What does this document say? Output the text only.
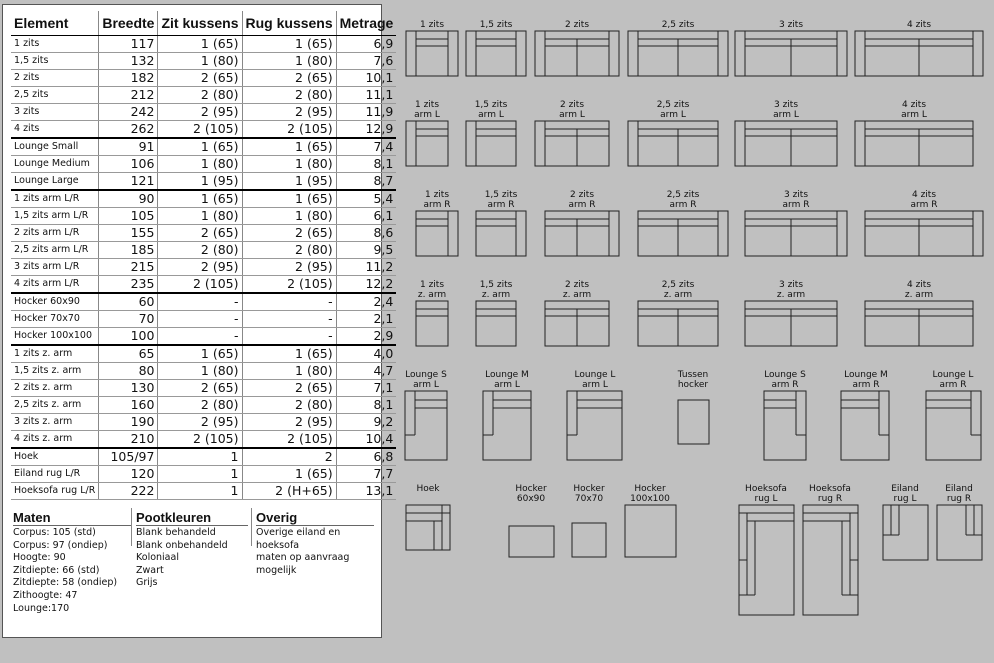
Element	Breedte	Zit kussens	Rug kussens	Metrage
1 zits	117	1 (65)	1 (65)	6,9
1,5 zits	132	1 (80)	1 (80)	7,6
2 zits	182	2 (65)	2 (65)	10,1
2,5 zits	212	2 (80)	2 (80)	11,1
3 zits	242	2 (95)	2 (95)	11,9
4 zits	262	2 (105)	2 (105)	12,9
Lounge Small	91	1 (65)	1 (65)	7,4
Lounge Medium	106	1 (80)	1 (80)	8,1
Lounge Large	121	1 (95)	1 (95)	8,7
1 zits arm L/R	90	1 (65)	1 (65)	5,4
1,5 zits arm L/R	105	1 (80)	1 (80)	6,1
2 zits arm L/R	155	2 (65)	2 (65)	8,6
2,5 zits arm L/R	185	2 (80)	2 (80)	9,5
3 zits arm L/R	215	2 (95)	2 (95)	11,2
4 zits arm L/R	235	2 (105)	2 (105)	12,2
Hocker 60x90	60	-	-	2,4
Hocker 70x70	70	-	-	2,1
Hocker 100x100	100	-	-	2,9
1 zits z. arm	65	1 (65)	1 (65)	4,0
1,5 zits z. arm	80	1 (80)	1 (80)	4,7
2 zits z. arm	130	2 (65)	2 (65)	7,1
2,5 zits z. arm	160	2 (80)	2 (80)	8,1
3 zits z. arm	190	2 (95)	2 (95)	9,2
4 zits z. arm	210	2 (105)	2 (105)	10,4
Hoek	105/97	1	2	6,8
Eiland rug L/R	120	1	1 (65)	7,7
Hoeksofa rug L/R	222	1	2 (H+65)	13,1
Maten
Corpus: 105 (std)
Corpus: 97 (ondiep)
Hoogte: 90
Zitdiepte: 66 (std)
Zitdiepte: 58 (ondiep)
Zithoogte: 47
Lounge:170
Pootkleuren
Blank behandeld
Blank onbehandeld
Koloniaal
Zwart
Grijs
Overig
Overige eiland en hoeksofa
maten op aanvraag mogelijk
1 zits	1,5 zits	2 zits	2,5 zits	3 zits	4 zits
1 zits
arm L
1,5 zits
arm L
2 zits
arm L
2,5 zits
arm L
3 zits
arm L
4 zits
arm L
1 zits
arm R
1,5 zits
arm R
2 zits
arm R
2,5 zits
arm R
3 zits
arm R
4 zits
arm R
1 zits
z. arm
1,5 zits
z. arm
2 zits
z. arm
2,5 zits
z. arm
3 zits
z. arm
4 zits
z. arm
Lounge S
arm L
Lounge M
arm L
Lounge L
arm L
Tussen
hocker
Lounge S
arm R
Lounge M
arm R
Lounge L
arm R
Hoek	Hocker
60x90
Hocker
70x70
Hocker
100x100
Hoeksofa
rug L
Hoeksofa
rug R
Eiland
rug L
Eiland
rug R
